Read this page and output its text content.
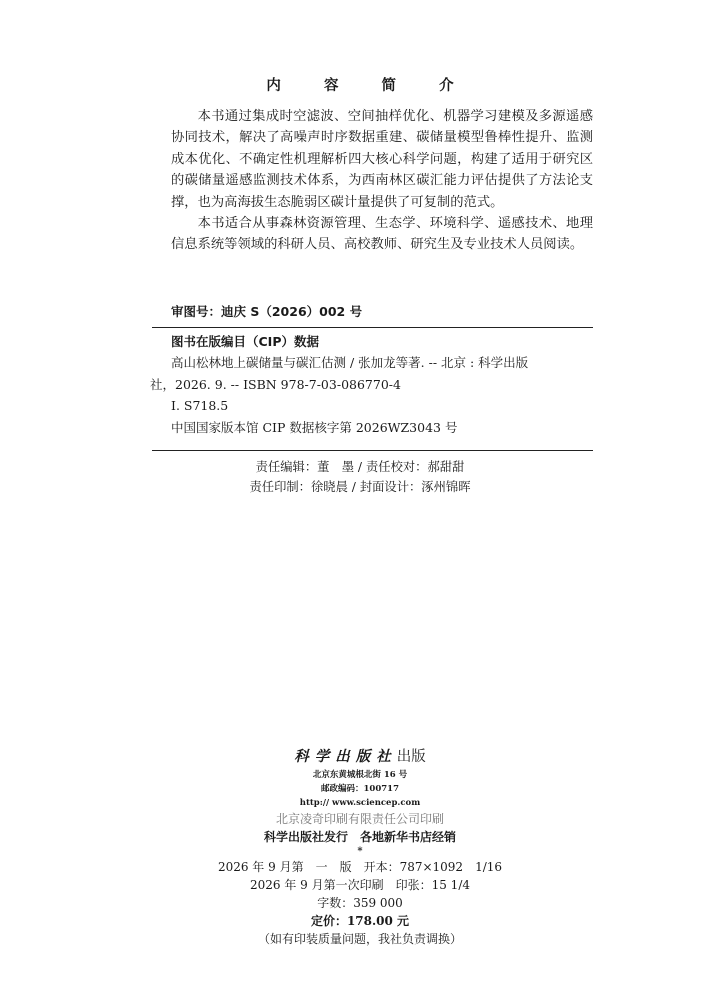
内 容 简 介

本书通过集成时空滤波、空间抽样优化、机器学习建模及多源遥感协同技术，解决了高噪声时序数据重建、碳储量模型鲁棒性提升、监测成本优化、不确定性机理解析四大核心科学问题，构建了适用于研究区的碳储量遥感监测技术体系，为西南林区碳汇能力评估提供了方法论支撑，也为高海拔生态脆弱区碳计量提供了可复制的范式。

本书适合从事森林资源管理、生态学、环境科学、遥感技术、地理信息系统等领域的科研人员、高校教师、研究生及专业技术人员阅读。

审图号：迪庆 S（2026）002 号
图书在版编目（CIP）数据
高山松林地上碳储量与碳汇估测 / 张加龙等著. -- 北京 : 科学出版
社，2026. 9. -- ISBN 978-7-03-086770-4
Ⅰ. S718.5
中国国家版本馆 CIP 数据核字第 2026WZ3043 号
责任编辑：董　墨 / 责任校对：郝甜甜
责任印制：徐晓晨 / 封面设计：涿州锦晖
科学出版社出版
北京东黄城根北街 16 号
邮政编码：100717
http:// www.sciencep.com
北京凌奇印刷有限责任公司印刷
科学出版社发行　各地新华书店经销
*
2026 年 9 月第　一　版　开本：787×1092　1/16
2026 年 9 月第一次印刷　印张：15 1/4
字数：359 000
定价：178.00 元
（如有印装质量问题，我社负责调换）
